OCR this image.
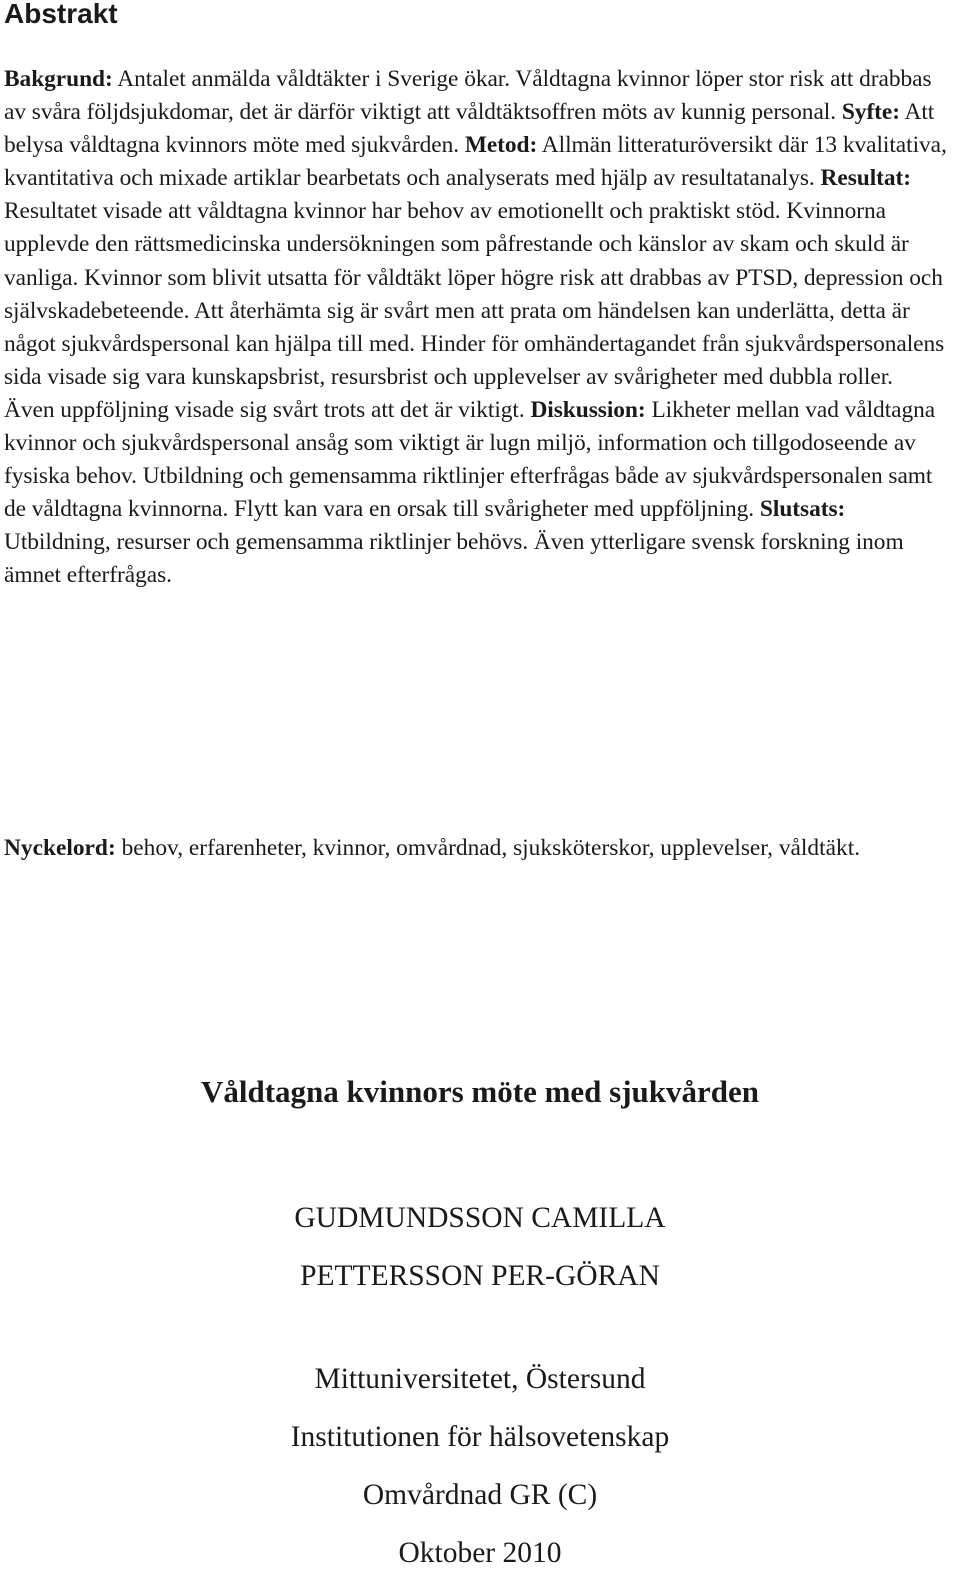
Abstrakt

Bakgrund: Antalet anmälda våldtäkter i Sverige ökar. Våldtagna kvinnor löper stor risk att drabbas av svåra följdsjukdomar, det är därför viktigt att våldtäktsoffren möts av kunnig personal. Syfte: Att belysa våldtagna kvinnors möte med sjukvården. Metod: Allmän litteraturöversikt där 13 kvalitativa, kvantitativa och mixade artiklar bearbetats och analyserats med hjälp av resultatanalys. Resultat: Resultatet visade att våldtagna kvinnor har behov av emotionellt och praktiskt stöd. Kvinnorna upplevde den rättsmedicinska undersökningen som påfrestande och känslor av skam och skuld är vanliga. Kvinnor som blivit utsatta för våldtäkt löper högre risk att drabbas av PTSD, depression och självskadebeteende. Att återhämta sig är svårt men att prata om händelsen kan underlätta, detta är något sjukvårdspersonal kan hjälpa till med. Hinder för omhändertagandet från sjukvårdspersonalens sida visade sig vara kunskapsbrist, resursbrist och upplevelser av svårigheter med dubbla roller. Även uppföljning visade sig svårt trots att det är viktigt. Diskussion: Likheter mellan vad våldtagna kvinnor och sjukvårdspersonal ansåg som viktigt är lugn miljö, information och tillgodoseende av fysiska behov. Utbildning och gemensamma riktlinjer efterfrågas både av sjukvårdspersonalen samt de våldtagna kvinnorna. Flytt kan vara en orsak till svårigheter med uppföljning. Slutsats: Utbildning, resurser och gemensamma riktlinjer behövs. Även ytterligare svensk forskning inom ämnet efterfrågas.

Nyckelord: behov, erfarenheter, kvinnor, omvårdnad, sjuksköterskor, upplevelser, våldtäkt.

Våldtagna kvinnors möte med sjukvården

GUDMUNDSSON CAMILLA

PETTERSSON PER-GÖRAN

Mittuniversitetet, Östersund

Institutionen för hälsovetenskap

Omvårdnad GR (C)

Oktober 2010
